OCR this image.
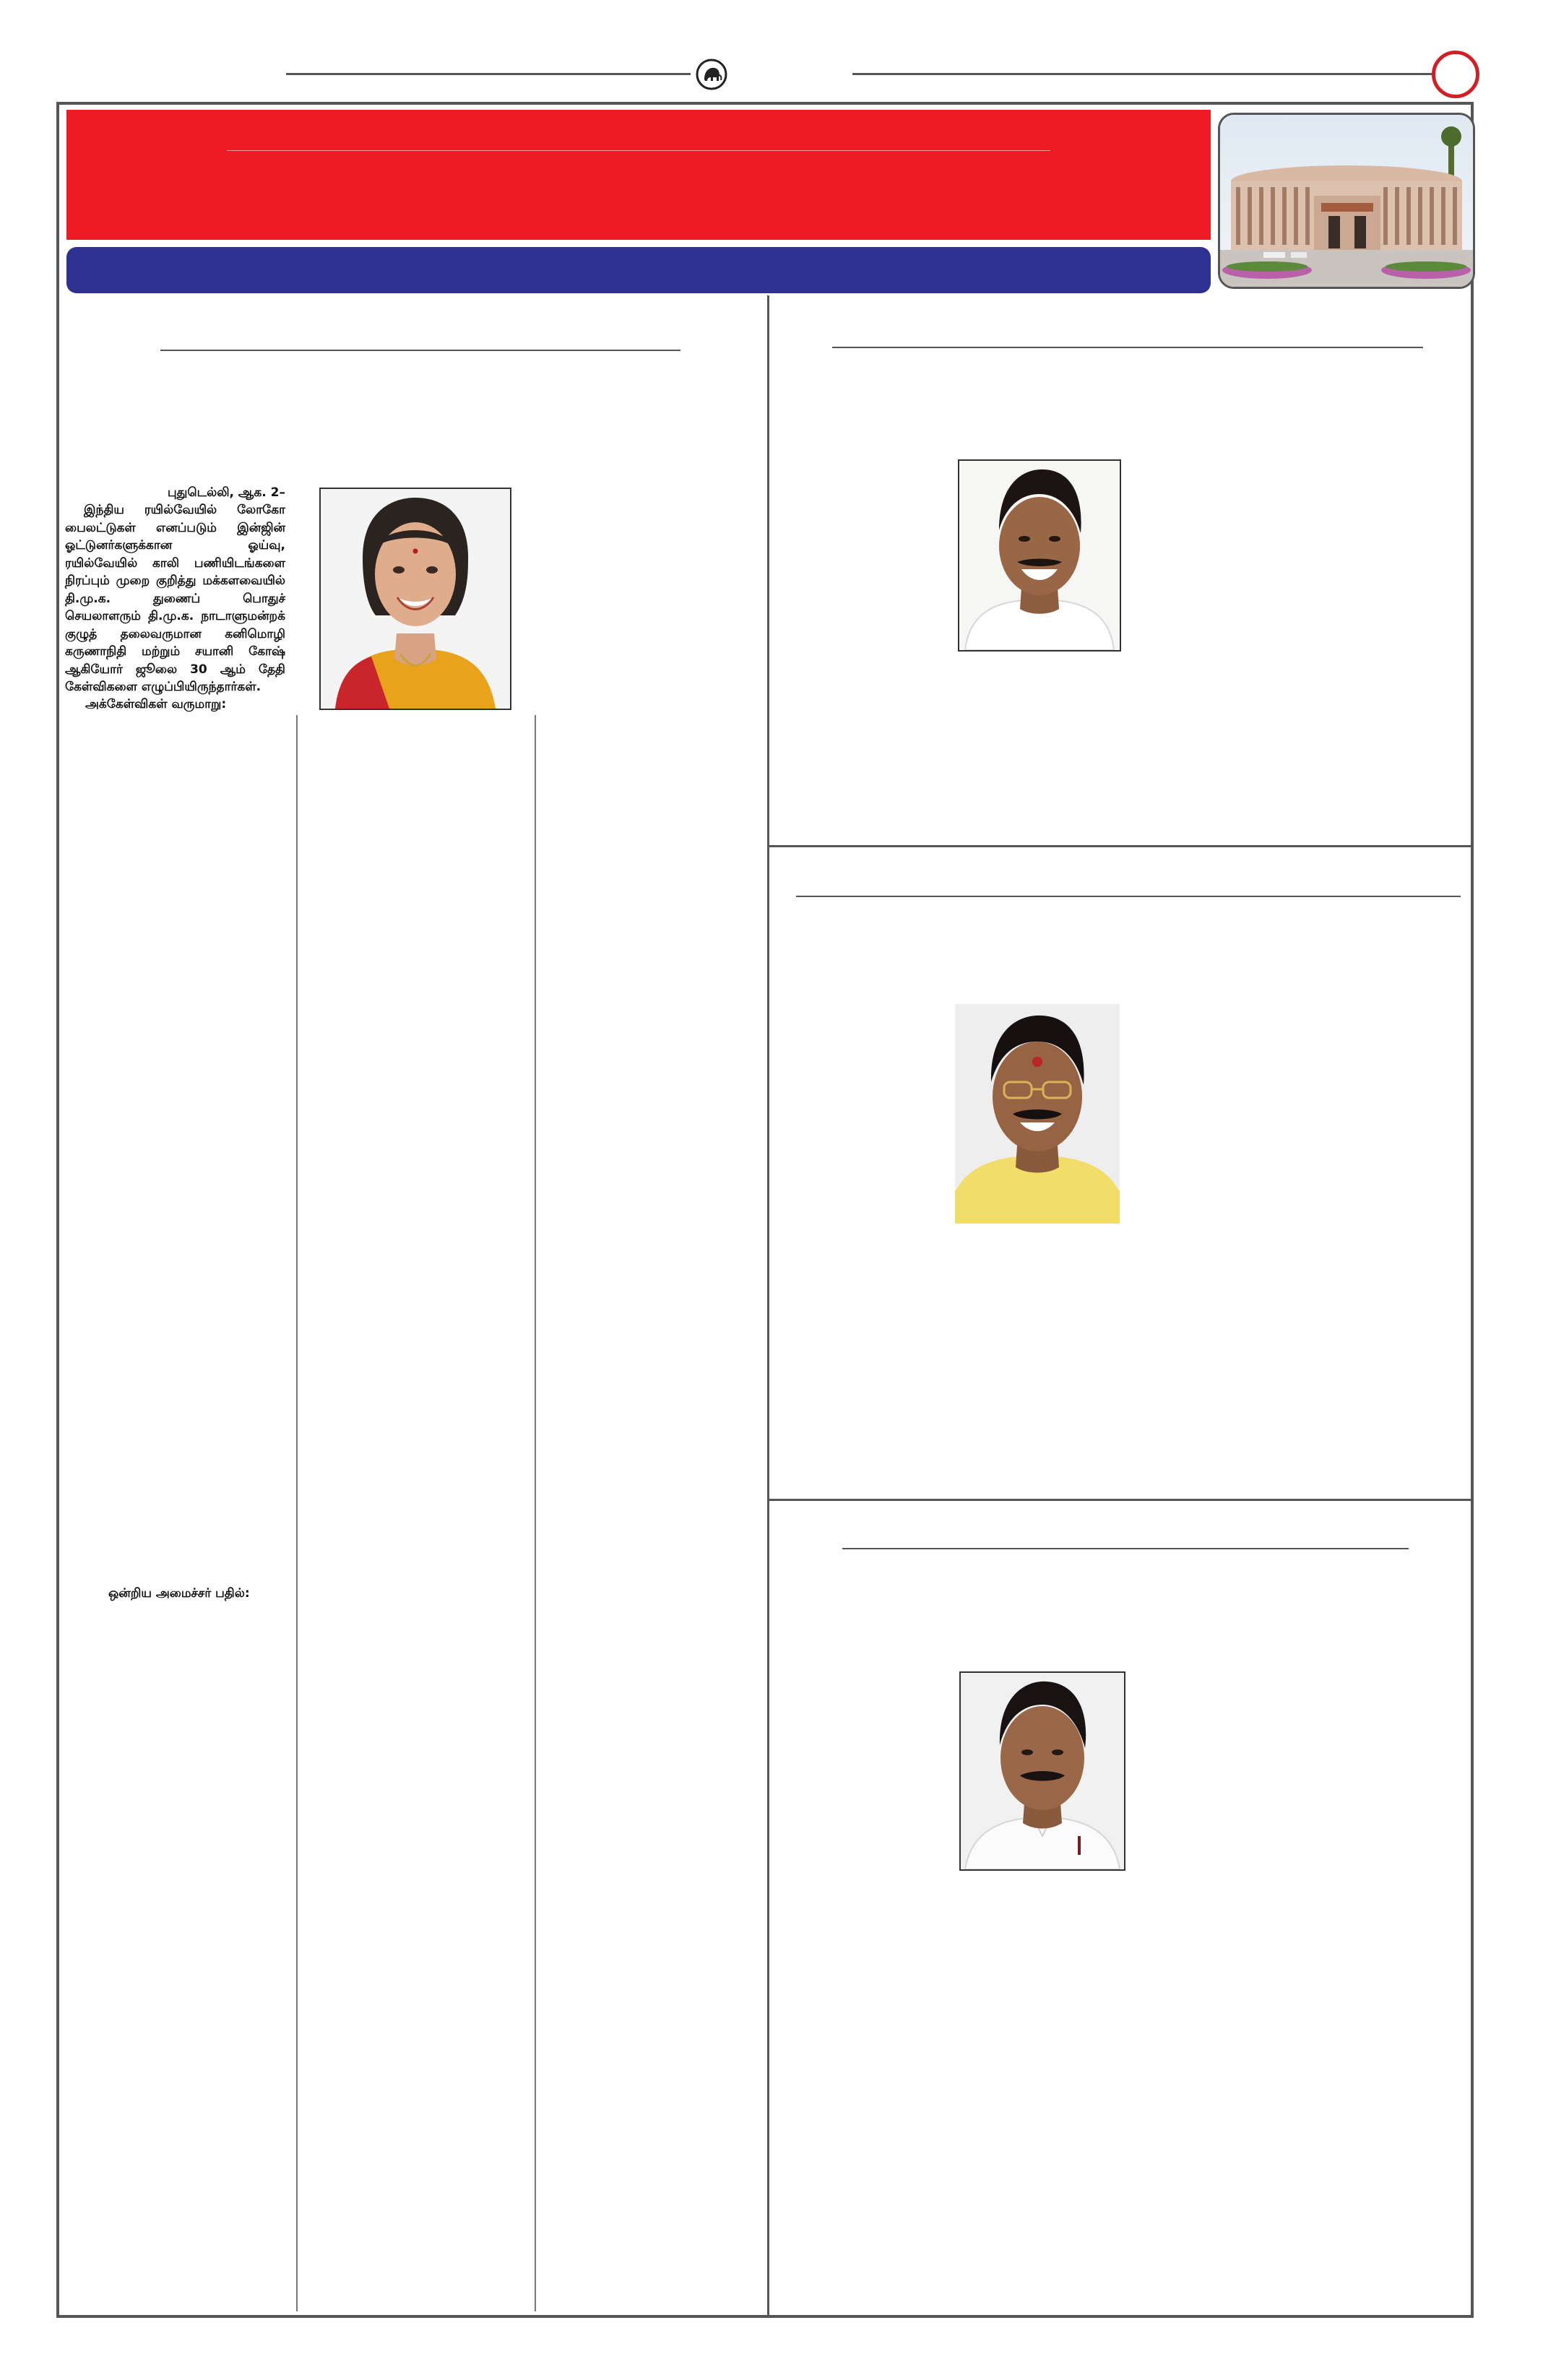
புதுடெல்லி, ஆக. 2–
இந்திய ரயில்வேயில் லோகோ பைலட்டுகள் எனப்படும் இன்ஜின் ஓட்டுனர்களுக்கான ஓய்வு, ரயில்வேயில் காலி பணியிடங்களை நிரப்பும் முறை குறித்து மக்களவையில் தி.மு.க. துணைப் பொதுச் செயலாளரும் தி.மு.க. நாடாளுமன்றக் குழுத் தலைவருமான கனிமொழி கருணாநிதி மற்றும் சயானி கோஷ் ஆகியோர் ஜூலை 30 ஆம் தேதி கேள்விகளை எழுப்பியிருந்தார்கள்.
அக்கேள்விகள் வருமாறு:
ஒன்றிய அமைச்சர் பதில்:
